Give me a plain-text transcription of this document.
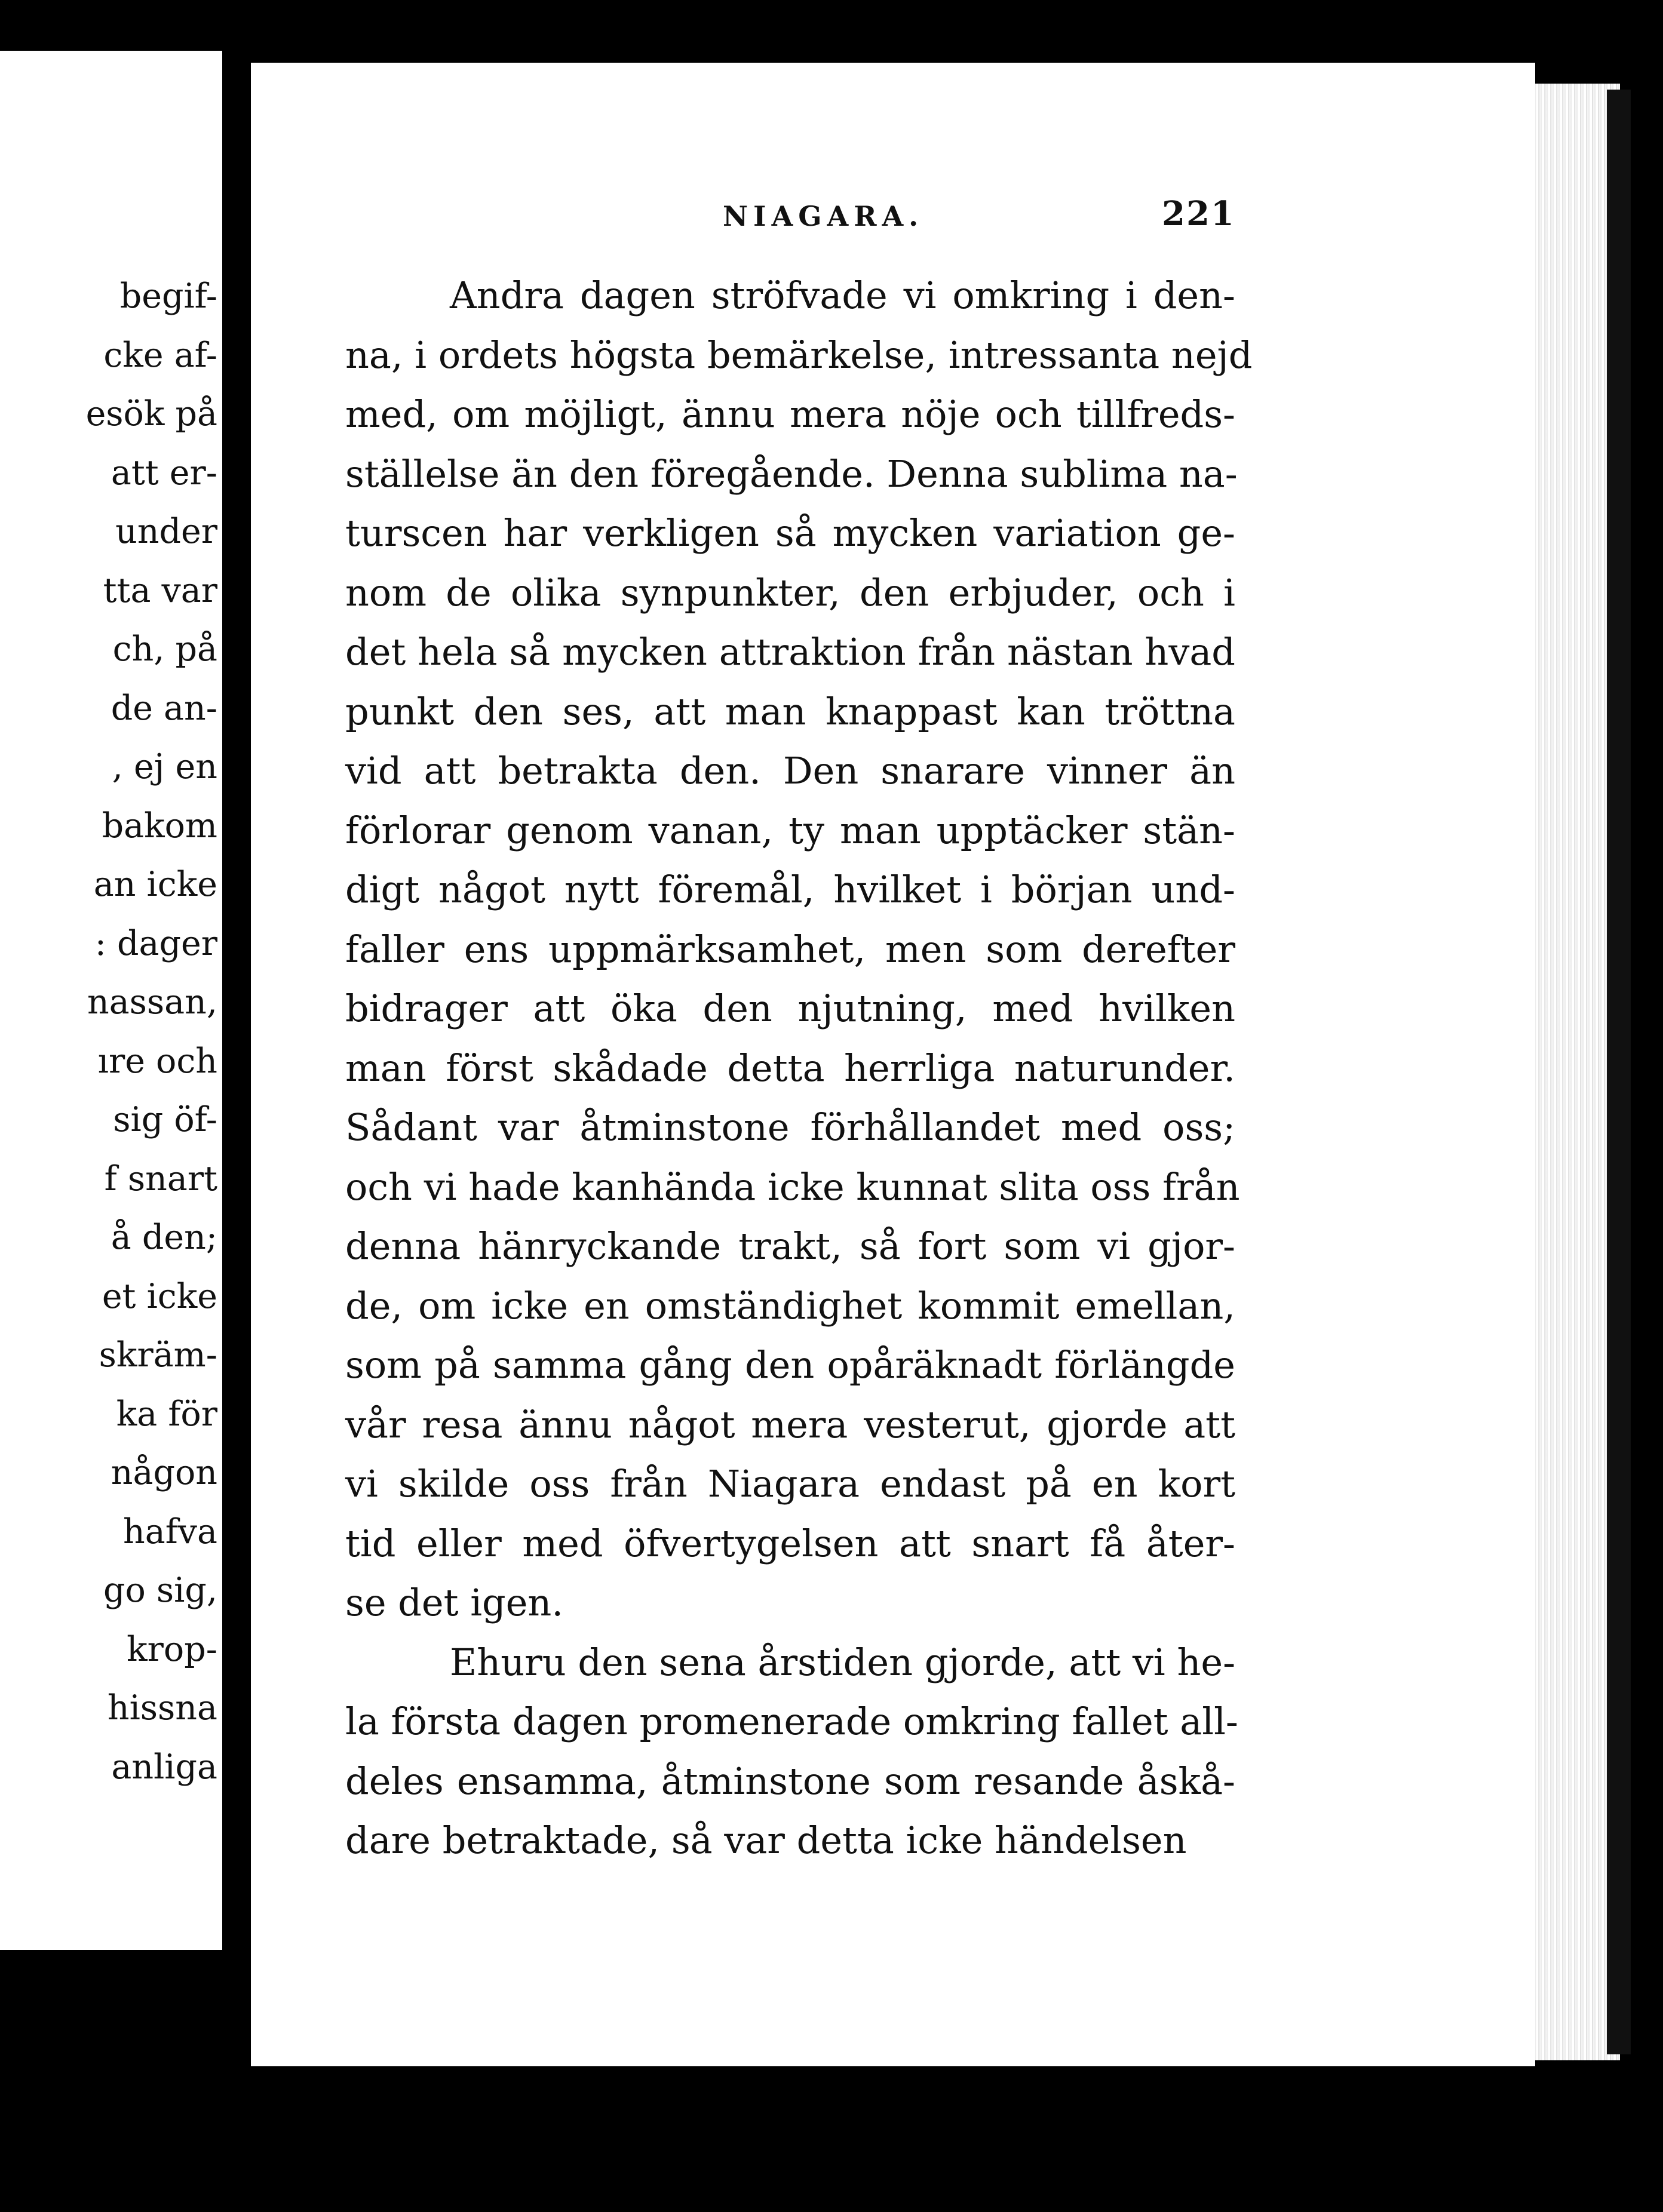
begif-
cke af-
esök på
att er-
under
tta var
ch, på
de an-
, ej en
bakom
an icke
: dager
nassan,
ıre och
sig öf-
f snart
å den;
et icke
skräm-
ka för
någon
hafva
go sig,
krop-
hissna
anliga
NIAGARA.	221
Andra dagen ströfvade vi omkring i den-
na, i ordets högsta bemärkelse, intressanta nejd
med, om möjligt, ännu mera nöje och tillfreds-
ställelse än den föregående. Denna sublima na-
turscen har verkligen så mycken variation ge-
nom de olika synpunkter, den erbjuder, och i
det hela så mycken attraktion från nästan hvad
punkt den ses, att man knappast kan tröttna
vid att betrakta den. Den snarare vinner än
förlorar genom vanan, ty man upptäcker stän-
digt något nytt föremål, hvilket i början und-
faller ens uppmärksamhet, men som derefter
bidrager att öka den njutning, med hvilken
man först skådade detta herrliga naturunder.
Sådant var åtminstone förhållandet med oss;
och vi hade kanhända icke kunnat slita oss från
denna hänryckande trakt, så fort som vi gjor-
de, om icke en omständighet kommit emellan,
som på samma gång den opåräknadt förlängde
vår resa ännu något mera vesterut, gjorde att
vi skilde oss från Niagara endast på en kort
tid eller med öfvertygelsen att snart få åter-
se det igen.
Ehuru den sena årstiden gjorde, att vi he-
la första dagen promenerade omkring fallet all-
deles ensamma, åtminstone som resande åskå-
dare betraktade, så var detta icke händelsen
